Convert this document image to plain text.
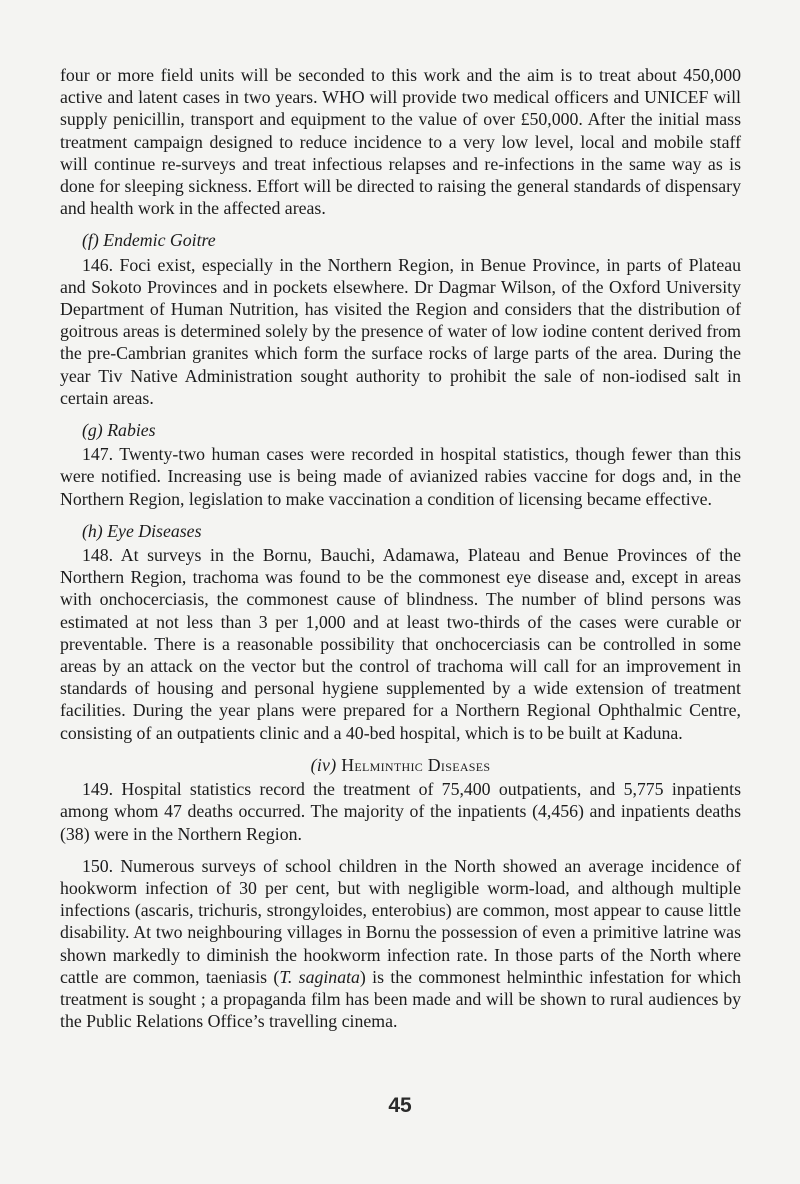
four or more field units will be seconded to this work and the aim is to treat about 450,000 active and latent cases in two years. WHO will provide two medical officers and UNICEF will supply penicillin, transport and equipment to the value of over £50,000. After the initial mass treatment campaign designed to reduce incidence to a very low level, local and mobile staff will continue re-surveys and treat infectious relapses and re-infections in the same way as is done for sleeping sickness. Effort will be directed to raising the general standards of dispensary and health work in the affected areas.

(f) Endemic Goitre

146. Foci exist, especially in the Northern Region, in Benue Province, in parts of Plateau and Sokoto Provinces and in pockets elsewhere. Dr Dagmar Wilson, of the Oxford University Department of Human Nutrition, has visited the Region and considers that the distribution of goitrous areas is determined solely by the presence of water of low iodine content derived from the pre-Cambrian granites which form the surface rocks of large parts of the area. During the year Tiv Native Administration sought authority to prohibit the sale of non-iodised salt in certain areas.

(g) Rabies

147. Twenty-two human cases were recorded in hospital statistics, though fewer than this were notified. Increasing use is being made of avianized rabies vaccine for dogs and, in the Northern Region, legislation to make vaccination a condition of licensing became effective.

(h) Eye Diseases

148. At surveys in the Bornu, Bauchi, Adamawa, Plateau and Benue Provinces of the Northern Region, trachoma was found to be the commonest eye disease and, except in areas with onchocerciasis, the commonest cause of blindness. The number of blind persons was estimated at not less than 3 per 1,000 and at least two-thirds of the cases were curable or preventable. There is a reasonable possibility that onchocerciasis can be controlled in some areas by an attack on the vector but the control of trachoma will call for an improvement in standards of housing and personal hygiene supplemented by a wide extension of treatment facilities. During the year plans were prepared for a Northern Regional Ophthalmic Centre, consisting of an outpatients clinic and a 40-bed hospital, which is to be built at Kaduna.

(iv) Helminthic Diseases

149. Hospital statistics record the treatment of 75,400 outpatients, and 5,775 inpatients among whom 47 deaths occurred. The majority of the inpatients (4,456) and inpatients deaths (38) were in the Northern Region.

150. Numerous surveys of school children in the North showed an average incidence of hookworm infection of 30 per cent, but with negligible worm-load, and although multiple infections (ascaris, trichuris, strongyloides, enterobius) are common, most appear to cause little disability. At two neighbouring villages in Bornu the possession of even a primitive latrine was shown markedly to diminish the hookworm infection rate. In those parts of the North where cattle are common, taeniasis (T. saginata) is the commonest helminthic infestation for which treatment is sought ; a propaganda film has been made and will be shown to rural audiences by the Public Relations Office’s travelling cinema.

45
